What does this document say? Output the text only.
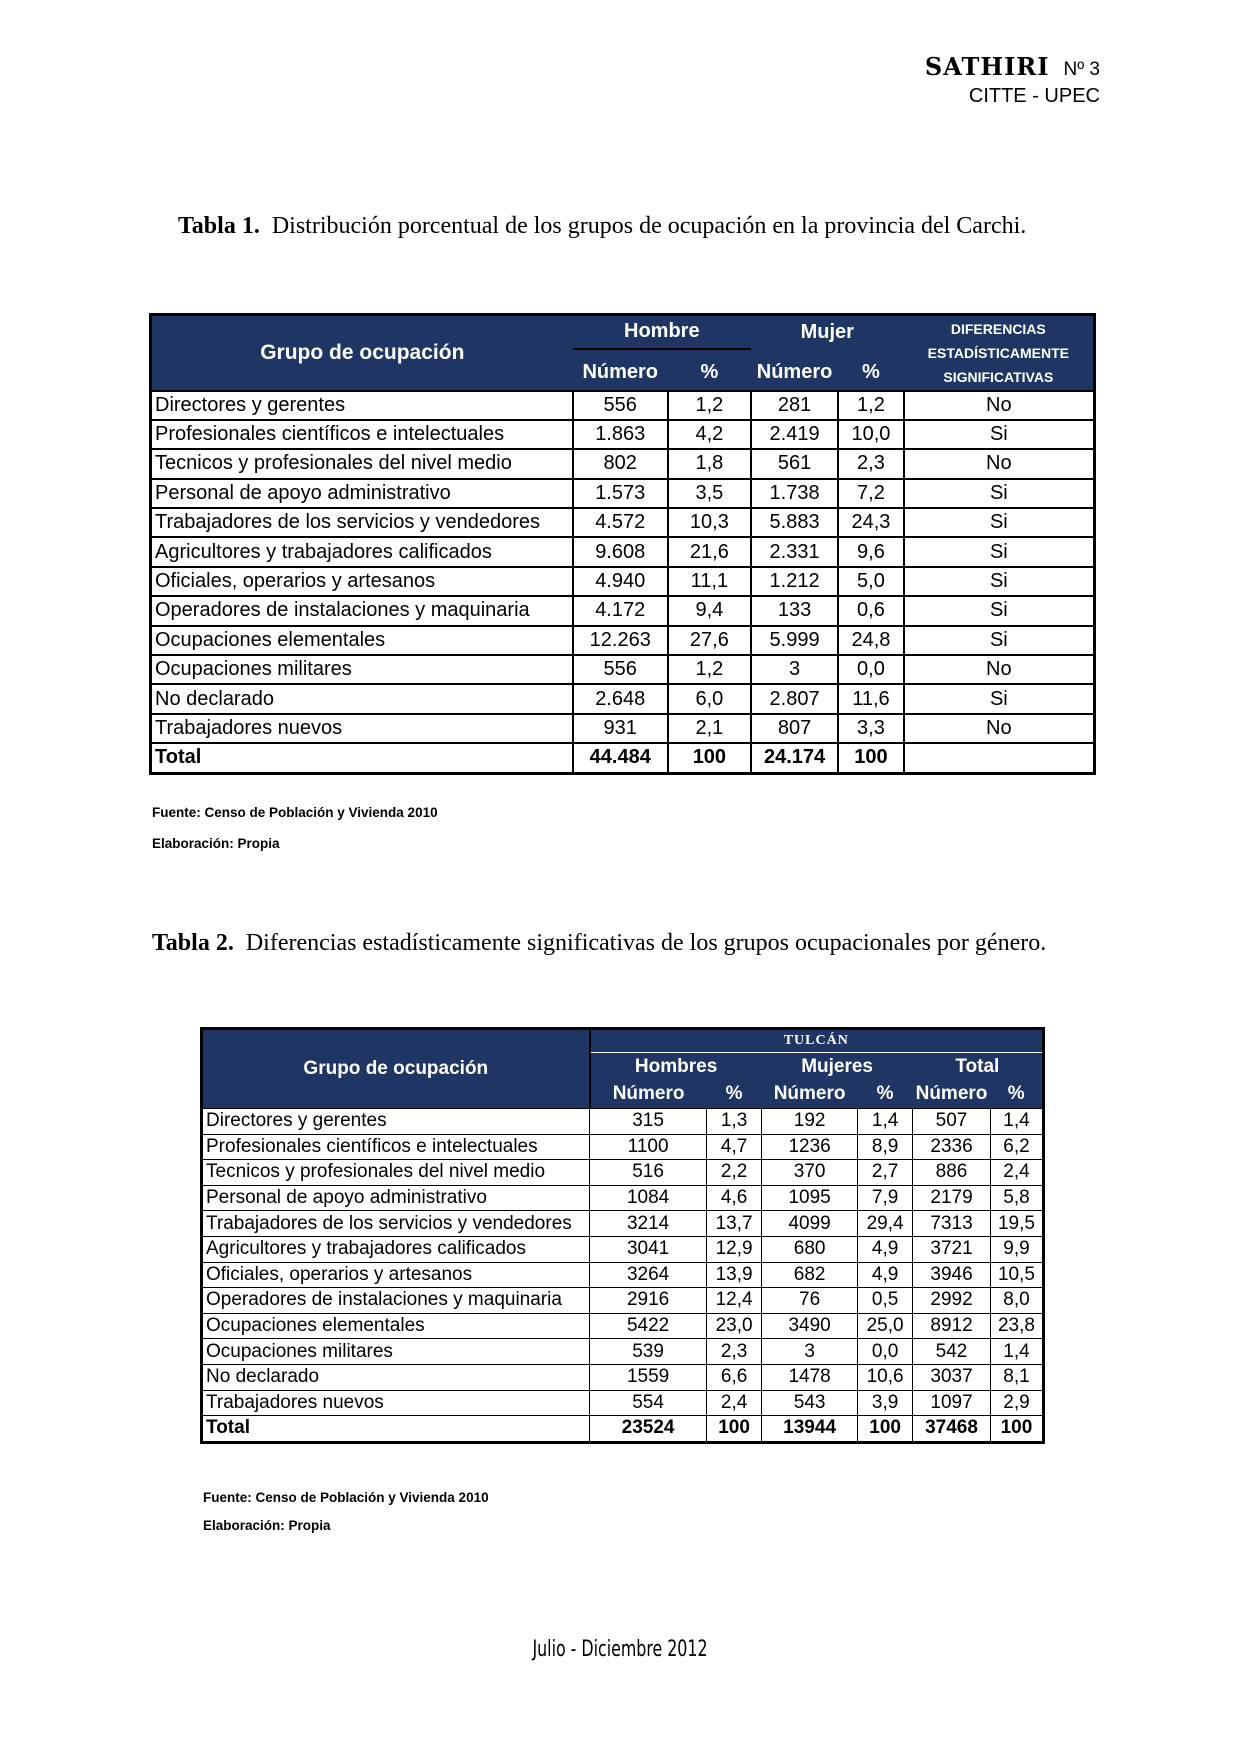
SATHIRI Nº 3
CITTE - UPEC
Tabla 1. Distribución porcentual de los grupos de ocupación en la provincia del Carchi.
Grupo de ocupación	Hombre		Mujer		DIFERENCIAS ESTADÍSTICAMENTE SIGNIFICATIVAS
	Número	%	Número	%	
Directores y gerentes	556	1,2	281	1,2	No
Profesionales científicos e intelectuales	1.863	4,2	2.419	10,0	Si
Tecnicos y profesionales del nivel medio	802	1,8	561	2,3	No
Personal de apoyo administrativo	1.573	3,5	1.738	7,2	Si
Trabajadores de los servicios y vendedores	4.572	10,3	5.883	24,3	Si
Agricultores y trabajadores calificados	9.608	21,6	2.331	9,6	Si
Oficiales, operarios y artesanos	4.940	11,1	1.212	5,0	Si
Operadores de instalaciones y maquinaria	4.172	9,4	133	0,6	Si
Ocupaciones elementales	12.263	27,6	5.999	24,8	Si
Ocupaciones militares	556	1,2	3	0,0	No
No declarado	2.648	6,0	2.807	11,6	Si
Trabajadores nuevos	931	2,1	807	3,3	No
Total	44.484	100	24.174	100	
Fuente: Censo de Población y Vivienda 2010
Elaboración: Propia
Tabla 2. Diferencias estadísticamente significativas de los grupos ocupacionales por género.
Grupo de ocupación	TULCÁN					
	Hombres		Mujeres		Total	
	Número	%	Número	%	Número	%
Directores y gerentes	315	1,3	192	1,4	507	1,4
Profesionales científicos e intelectuales	1100	4,7	1236	8,9	2336	6,2
Tecnicos y profesionales del nivel medio	516	2,2	370	2,7	886	2,4
Personal de apoyo administrativo	1084	4,6	1095	7,9	2179	5,8
Trabajadores de los servicios y vendedores	3214	13,7	4099	29,4	7313	19,5
Agricultores y trabajadores calificados	3041	12,9	680	4,9	3721	9,9
Oficiales, operarios y artesanos	3264	13,9	682	4,9	3946	10,5
Operadores de instalaciones y maquinaria	2916	12,4	76	0,5	2992	8,0
Ocupaciones elementales	5422	23,0	3490	25,0	8912	23,8
Ocupaciones militares	539	2,3	3	0,0	542	1,4
No declarado	1559	6,6	1478	10,6	3037	8,1
Trabajadores nuevos	554	2,4	543	3,9	1097	2,9
Total	23524	100	13944	100	37468	100
Fuente: Censo de Población y Vivienda 2010
Elaboración: Propia
Julio - Diciembre 2012
